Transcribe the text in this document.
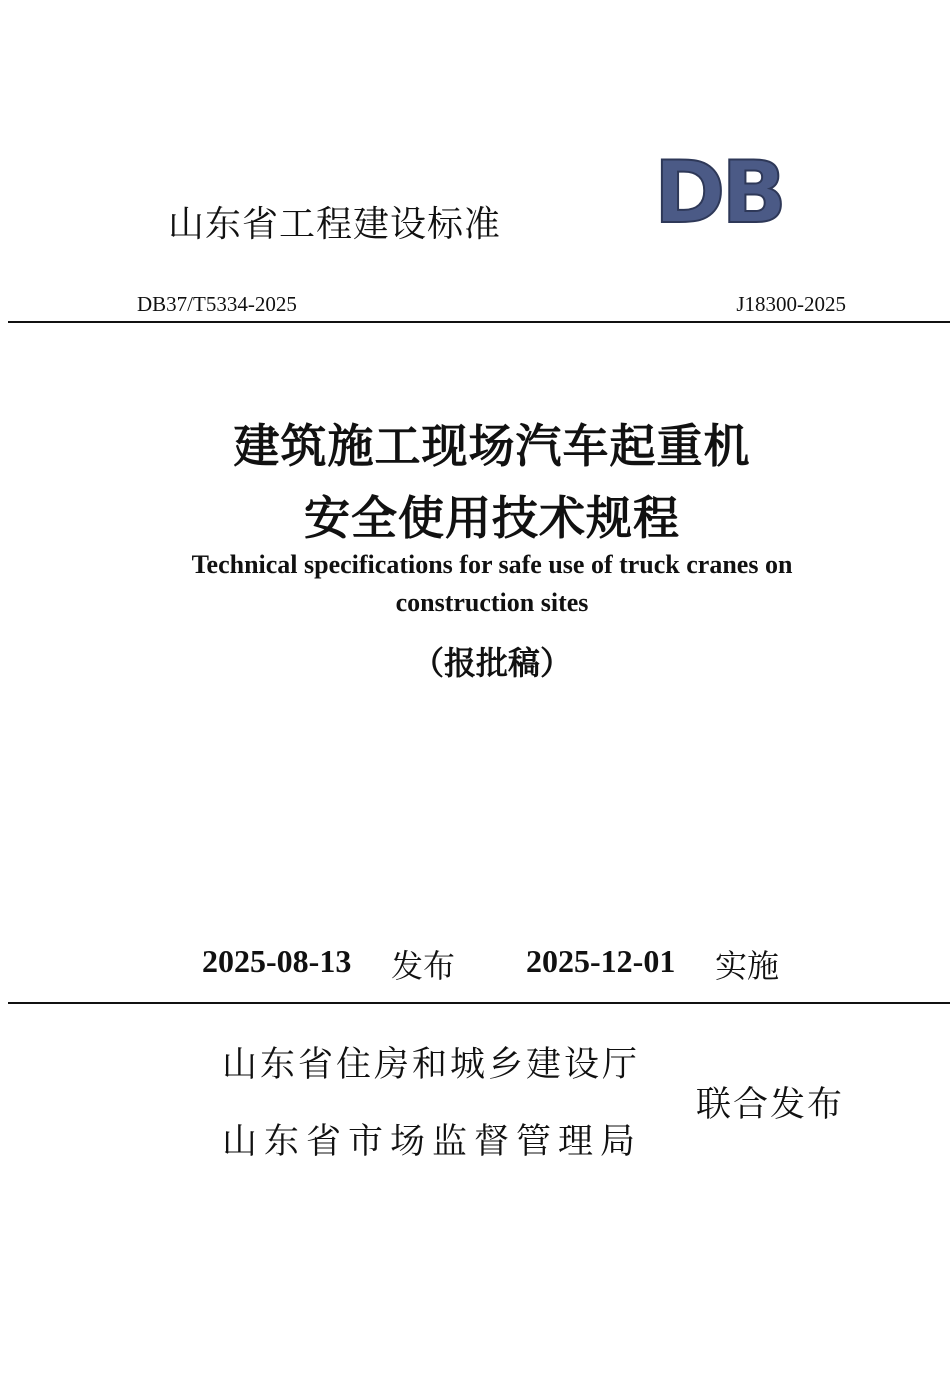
山东省工程建设标准 DB
DB37/T5334-2025	J18300-2025
建筑施工现场汽车起重机
安全使用技术规程
Technical specifications for safe use of truck cranes on
construction sites
（报批稿）
2025-08-13 发布 2025-12-01 实施
山东省住房和城乡建设厅
山东省市场监督管理局
联合发布
